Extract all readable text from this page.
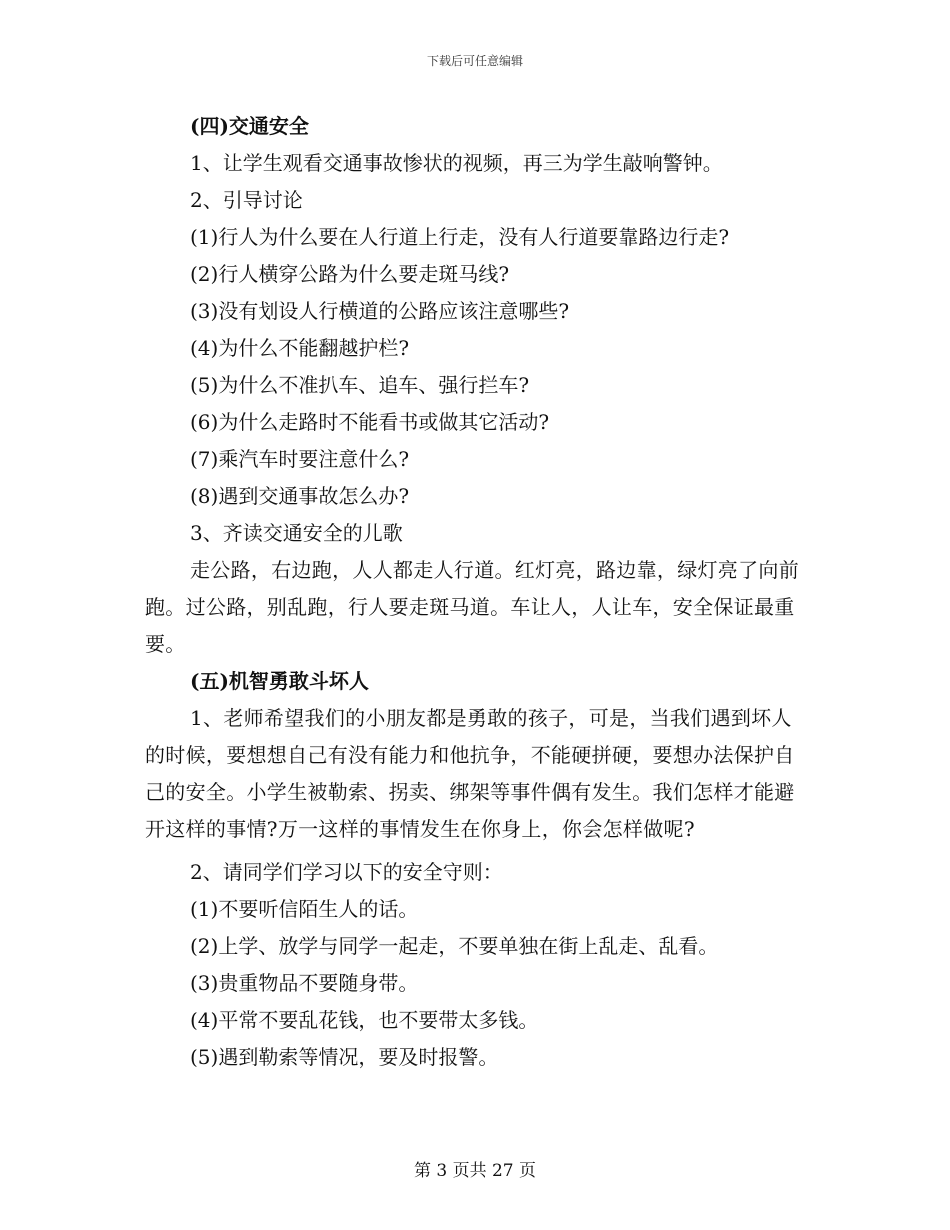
下载后可任意编辑

(四)交通安全

1、让学生观看交通事故惨状的视频，再三为学生敲响警钟。

2、引导讨论

(1)行人为什么要在人行道上行走，没有人行道要靠路边行走?

(2)行人横穿公路为什么要走斑马线?

(3)没有划设人行横道的公路应该注意哪些?

(4)为什么不能翻越护栏?

(5)为什么不准扒车、追车、强行拦车?

(6)为什么走路时不能看书或做其它活动?

(7)乘汽车时要注意什么?

(8)遇到交通事故怎么办?

3、齐读交通安全的儿歌

走公路，右边跑，人人都走人行道。红灯亮，路边靠，绿灯亮了向前跑。过公路，别乱跑，行人要走斑马道。车让人，人让车，安全保证最重要。

(五)机智勇敢斗坏人

1、老师希望我们的小朋友都是勇敢的孩子，可是，当我们遇到坏人的时候，要想想自己有没有能力和他抗争，不能硬拼硬，要想办法保护自己的安全。小学生被勒索、拐卖、绑架等事件偶有发生。我们怎样才能避开这样的事情?万一这样的事情发生在你身上，你会怎样做呢?

2、请同学们学习以下的安全守则：

(1)不要听信陌生人的话。

(2)上学、放学与同学一起走，不要单独在街上乱走、乱看。

(3)贵重物品不要随身带。

(4)平常不要乱花钱，也不要带太多钱。

(5)遇到勒索等情况，要及时报警。

第 3 页共 27 页
